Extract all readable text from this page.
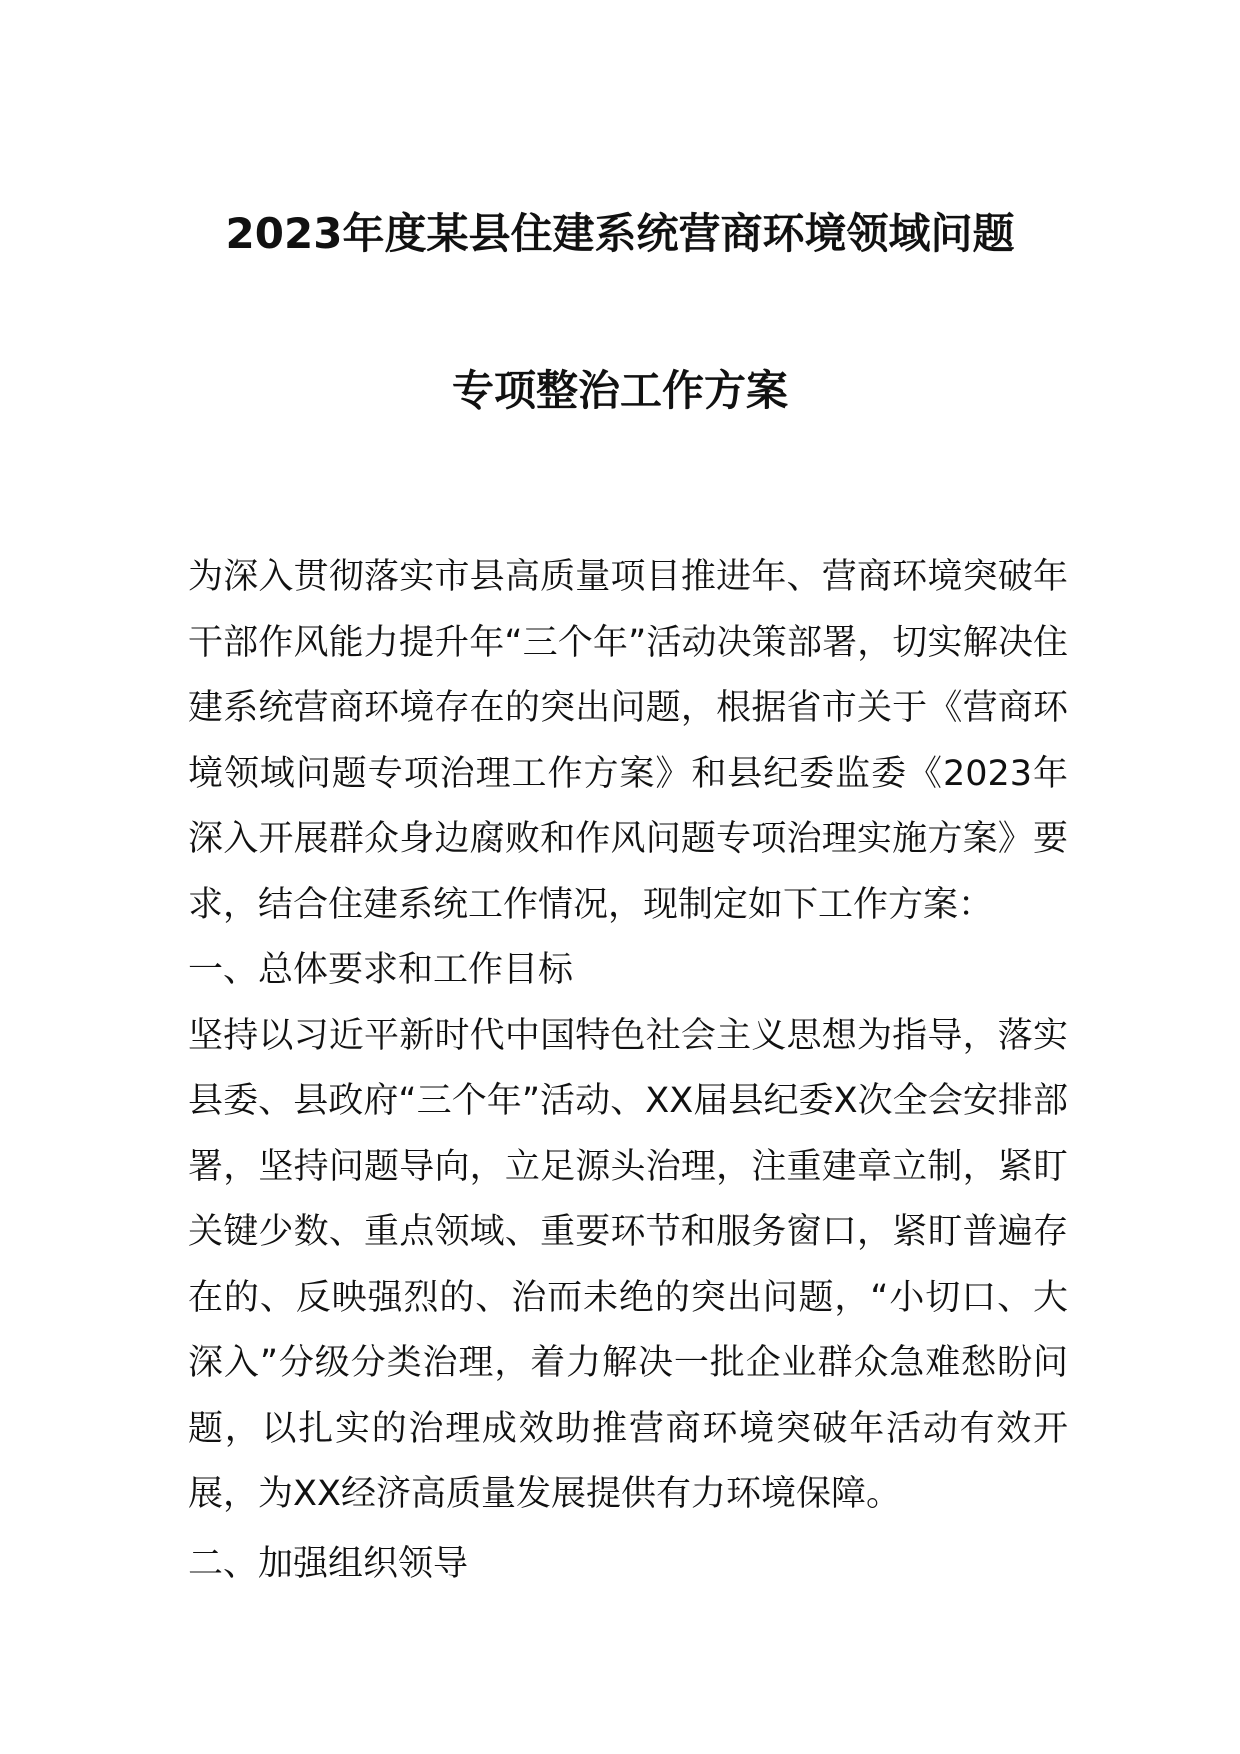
2023年度某县住建系统营商环境领域问题
专项整治工作方案

为深入贯彻落实市县高质量项目推进年、营商环境突破年干部作风能力提升年“三个年”活动决策部署，切实解决住建系统营商环境存在的突出问题，根据省市关于《营商环境领域问题专项治理工作方案》和县纪委监委《2023年深入开展群众身边腐败和作风问题专项治理实施方案》要求，结合住建系统工作情况，现制定如下工作方案：

一、总体要求和工作目标

坚持以习近平新时代中国特色社会主义思想为指导，落实县委、县政府“三个年”活动、XX届县纪委X次全会安排部署，坚持问题导向，立足源头治理，注重建章立制，紧盯关键少数、重点领域、重要环节和服务窗口，紧盯普遍存在的、反映强烈的、治而未绝的突出问题，“小切口、大深入”分级分类治理，着力解决一批企业群众急难愁盼问题，以扎实的治理成效助推营商环境突破年活动有效开展，为XX经济高质量发展提供有力环境保障。

二、加强组织领导
